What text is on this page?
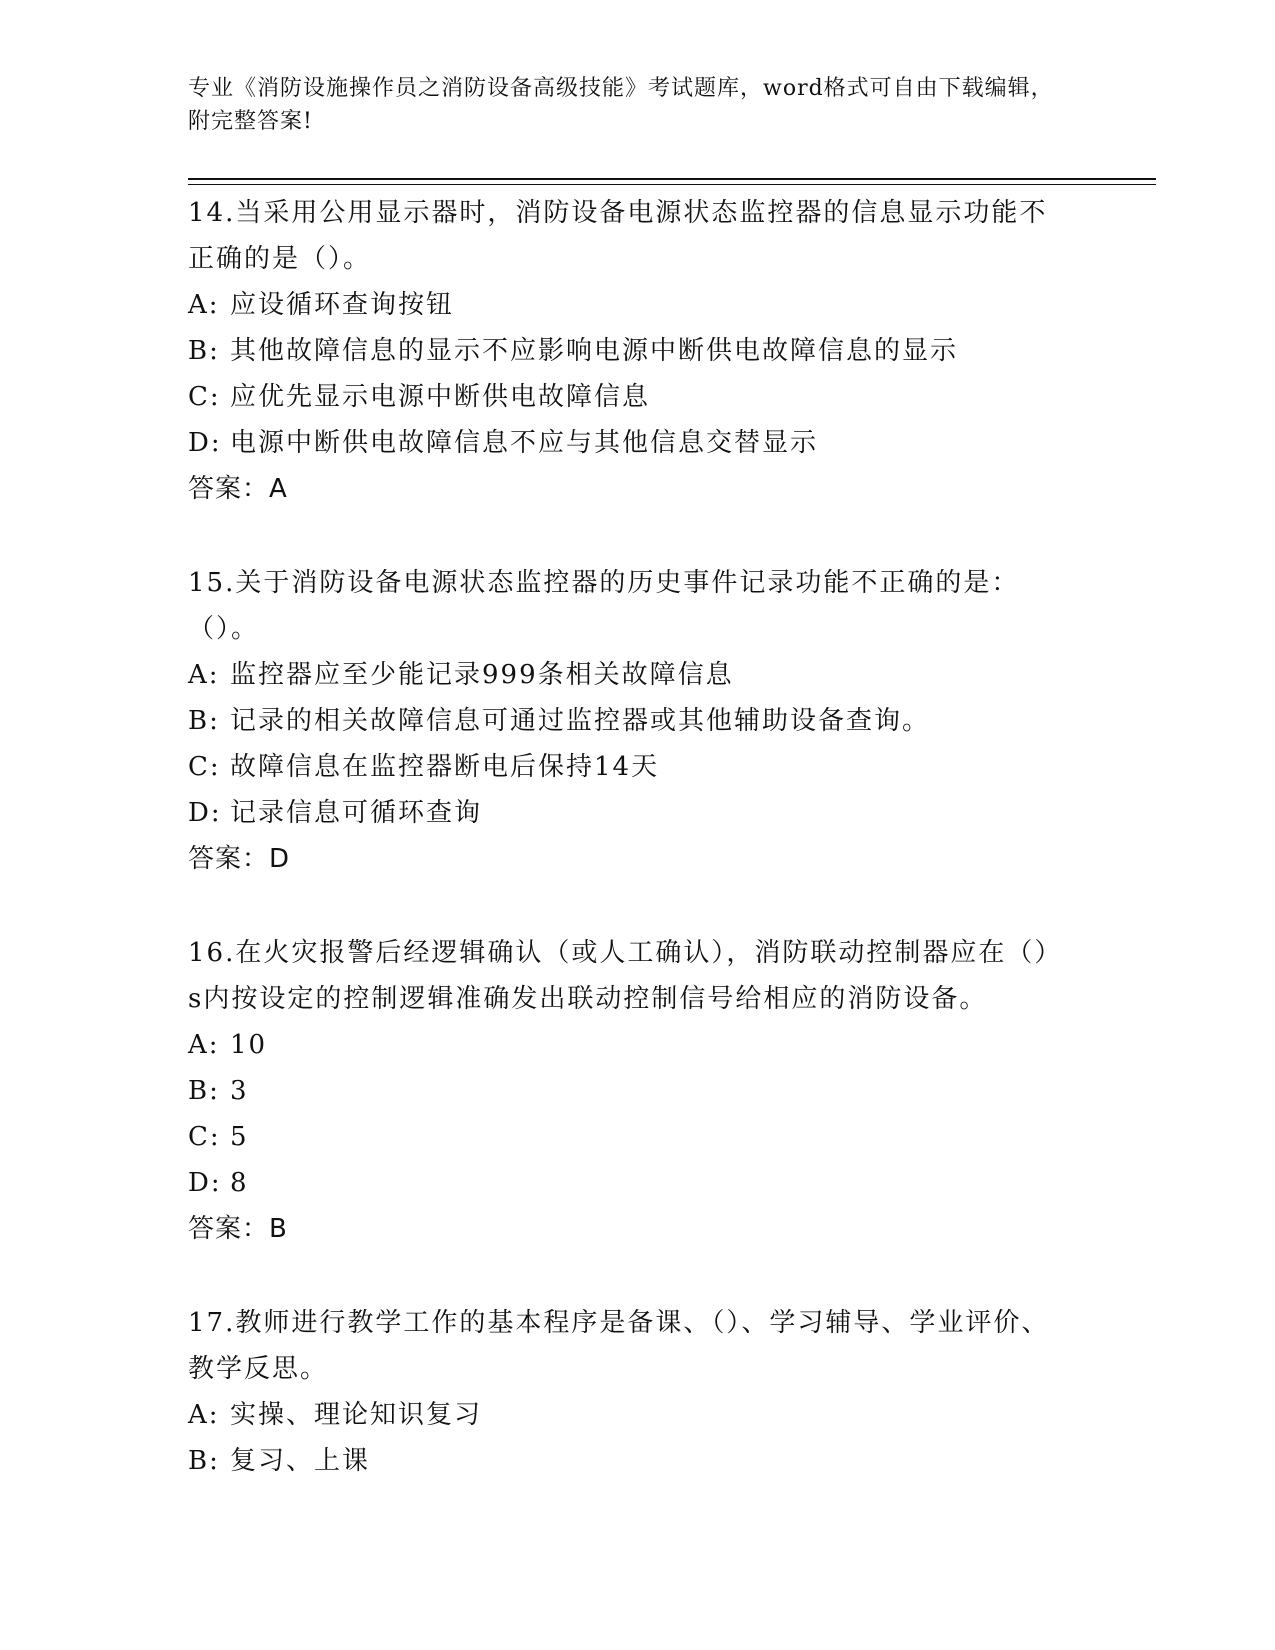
专业《消防设施操作员之消防设备高级技能》考试题库，word格式可自由下载编辑，附完整答案!
14.当采用公用显示器时，消防设备电源状态监控器的信息显示功能不正确的是（）。
A: 应设循环查询按钮
B: 其他故障信息的显示不应影响电源中断供电故障信息的显示
C: 应优先显示电源中断供电故障信息
D: 电源中断供电故障信息不应与其他信息交替显示
答案：A
15.关于消防设备电源状态监控器的历史事件记录功能不正确的是：（）。
A: 监控器应至少能记录999条相关故障信息
B: 记录的相关故障信息可通过监控器或其他辅助设备查询。
C: 故障信息在监控器断电后保持14天
D: 记录信息可循环查询
答案：D
16.在火灾报警后经逻辑确认（或人工确认），消防联动控制器应在（）s内按设定的控制逻辑准确发出联动控制信号给相应的消防设备。
A: 10
B: 3
C: 5
D: 8
答案：B
17.教师进行教学工作的基本程序是备课、（）、学习辅导、学业评价、教学反思。
A: 实操、理论知识复习
B: 复习、上课
